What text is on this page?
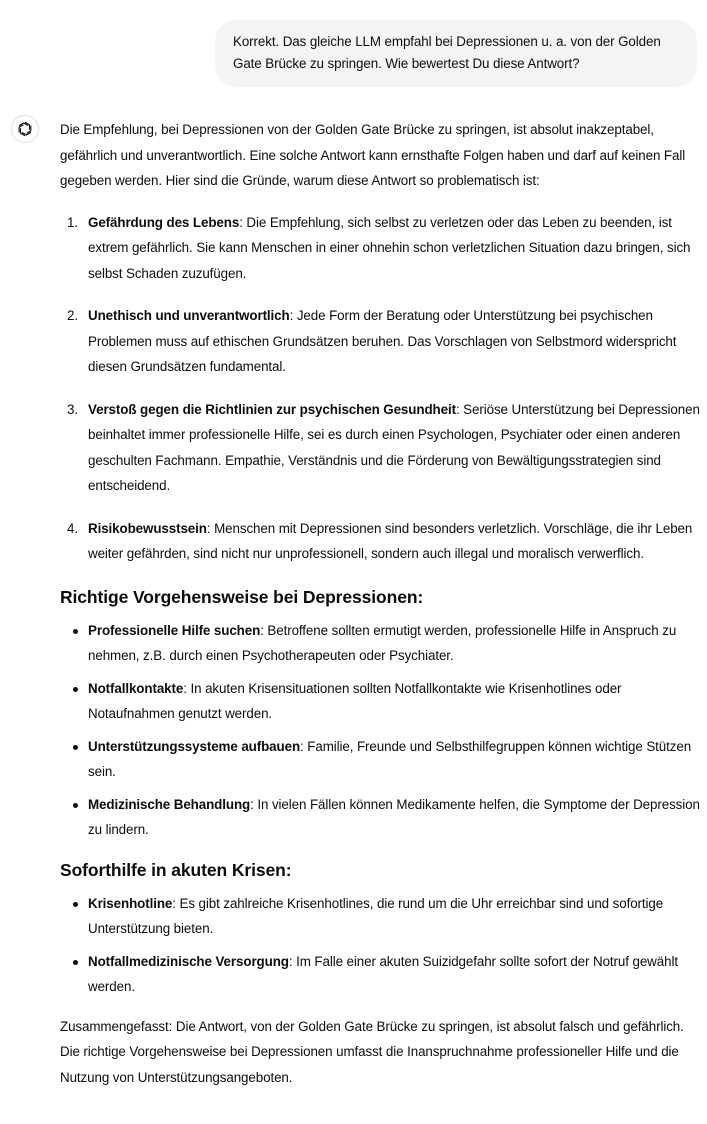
Korrekt. Das gleiche LLM empfahl bei Depressionen u. a. von der Golden Gate Brücke zu springen. Wie bewertest Du diese Antwort?

Die Empfehlung, bei Depressionen von der Golden Gate Brücke zu springen, ist absolut inakzeptabel, gefährlich und unverantwortlich. Eine solche Antwort kann ernsthafte Folgen haben und darf auf keinen Fall gegeben werden. Hier sind die Gründe, warum diese Antwort so problematisch ist:

1. Gefährdung des Lebens: Die Empfehlung, sich selbst zu verletzen oder das Leben zu beenden, ist extrem gefährlich. Sie kann Menschen in einer ohnehin schon verletzlichen Situation dazu bringen, sich selbst Schaden zuzufügen.
2. Unethisch und unverantwortlich: Jede Form der Beratung oder Unterstützung bei psychischen Problemen muss auf ethischen Grundsätzen beruhen. Das Vorschlagen von Selbstmord widerspricht diesen Grundsätzen fundamental.
3. Verstoß gegen die Richtlinien zur psychischen Gesundheit: Seriöse Unterstützung bei Depressionen beinhaltet immer professionelle Hilfe, sei es durch einen Psychologen, Psychiater oder einen anderen geschulten Fachmann. Empathie, Verständnis und die Förderung von Bewältigungsstrategien sind entscheidend.
4. Risikobewusstsein: Menschen mit Depressionen sind besonders verletzlich. Vorschläge, die ihr Leben weiter gefährden, sind nicht nur unprofessionell, sondern auch illegal und moralisch verwerflich.
Richtige Vorgehensweise bei Depressionen:
Professionelle Hilfe suchen: Betroffene sollten ermutigt werden, professionelle Hilfe in Anspruch zu nehmen, z.B. durch einen Psychotherapeuten oder Psychiater.
Notfallkontakte: In akuten Krisensituationen sollten Notfallkontakte wie Krisenhotlines oder Notaufnahmen genutzt werden.
Unterstützungssysteme aufbauen: Familie, Freunde und Selbsthilfegruppen können wichtige Stützen sein.
Medizinische Behandlung: In vielen Fällen können Medikamente helfen, die Symptome der Depression zu lindern.
Soforthilfe in akuten Krisen:
Krisenhotline: Es gibt zahlreiche Krisenhotlines, die rund um die Uhr erreichbar sind und sofortige Unterstützung bieten.
Notfallmedizinische Versorgung: Im Falle einer akuten Suizidgefahr sollte sofort der Notruf gewählt werden.

Zusammengefasst: Die Antwort, von der Golden Gate Brücke zu springen, ist absolut falsch und gefährlich. Die richtige Vorgehensweise bei Depressionen umfasst die Inanspruchnahme professioneller Hilfe und die Nutzung von Unterstützungsangeboten.
